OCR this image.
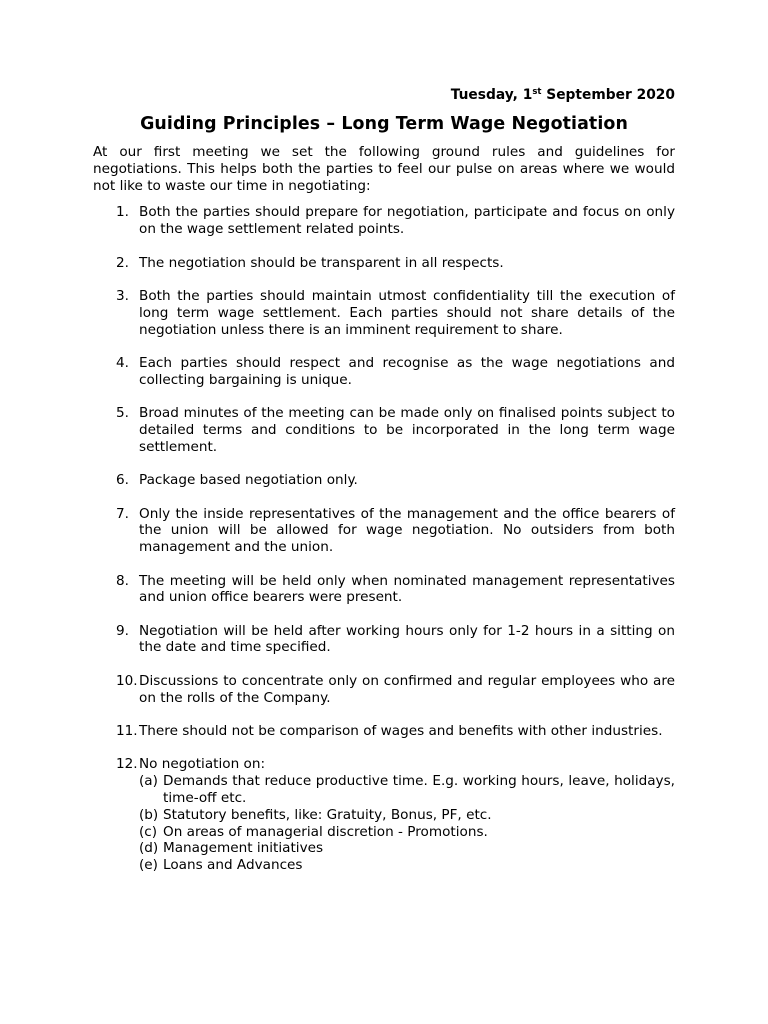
Tuesday, 1st September 2020
Guiding Principles – Long Term Wage Negotiation
At our first meeting we set the following ground rules and guidelines for negotiations. This helps both the parties to feel our pulse on areas where we would not like to waste our time in negotiating:
1. Both the parties should prepare for negotiation, participate and focus on only on the wage settlement related points.
2. The negotiation should be transparent in all respects.
3. Both the parties should maintain utmost confidentiality till the execution of long term wage settlement. Each parties should not share details of the negotiation unless there is an imminent requirement to share.
4. Each parties should respect and recognise as the wage negotiations and collecting bargaining is unique.
5. Broad minutes of the meeting can be made only on finalised points subject to detailed terms and conditions to be incorporated in the long term wage settlement.
6. Package based negotiation only.
7. Only the inside representatives of the management and the office bearers of the union will be allowed for wage negotiation. No outsiders from both management and the union.
8. The meeting will be held only when nominated management representatives and union office bearers were present.
9. Negotiation will be held after working hours only for 1-2 hours in a sitting on the date and time specified.
10. Discussions to concentrate only on confirmed and regular employees who are on the rolls of the Company.
11. There should not be comparison of wages and benefits with other industries.
12. No negotiation on:
(a) Demands that reduce productive time. E.g. working hours, leave, holidays, time-off etc.
(b) Statutory benefits, like: Gratuity, Bonus, PF, etc.
(c) On areas of managerial discretion - Promotions.
(d) Management initiatives
(e) Loans and Advances
